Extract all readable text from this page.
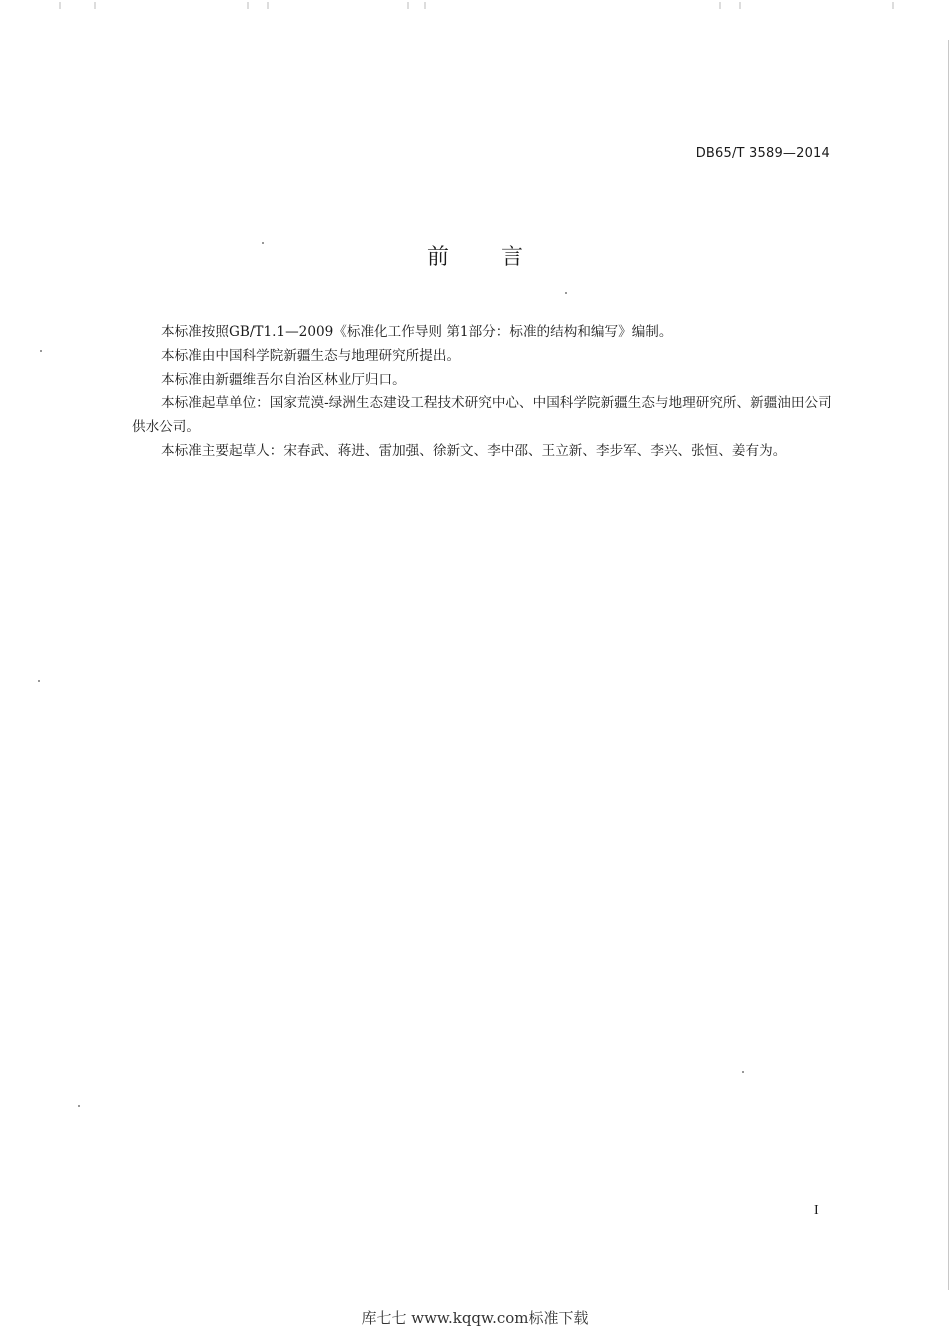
DB65/T 3589—2014
前言

本标准按照GB/T1.1—2009《标准化工作导则 第1部分：标准的结构和编写》编制。

本标准由中国科学院新疆生态与地理研究所提出。

本标准由新疆维吾尔自治区林业厅归口。

本标准起草单位：国家荒漠-绿洲生态建设工程技术研究中心、中国科学院新疆生态与地理研究所、新疆油田公司供水公司。

本标准主要起草人：宋春武、蒋进、雷加强、徐新文、李中邵、王立新、李步军、李兴、张恒、姜有为。

I
库七七 www.kqqw.com标准下载
